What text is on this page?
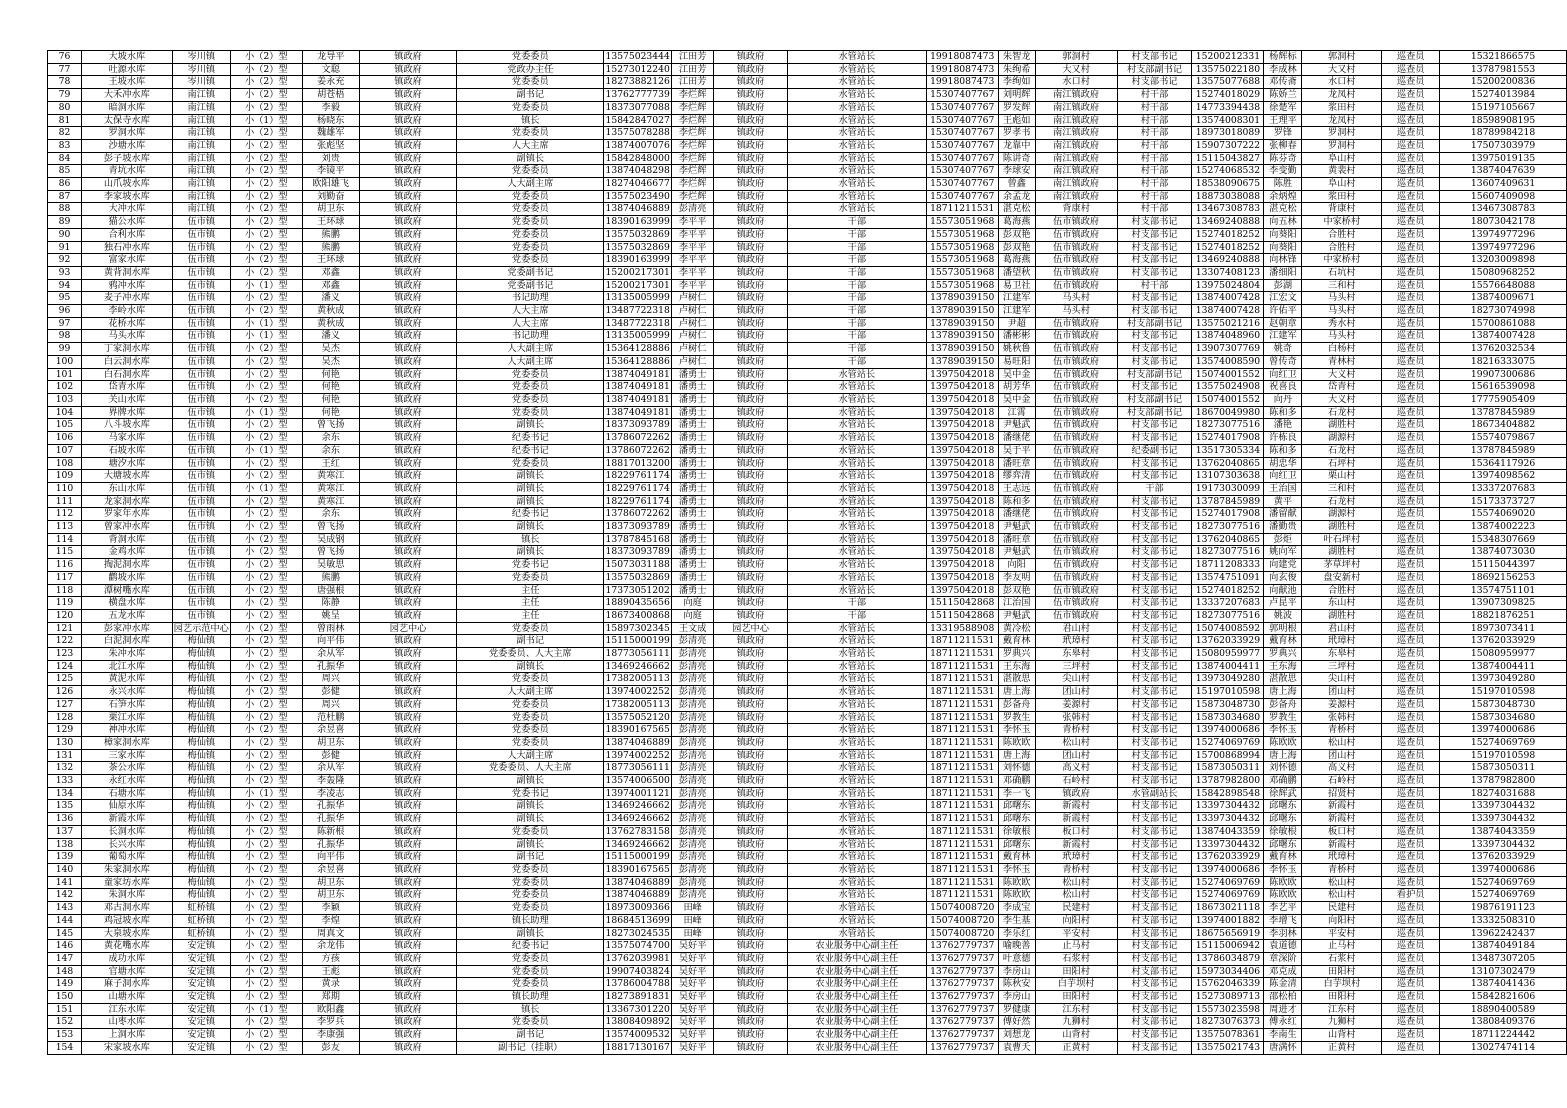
76	大坡水库	岑川镇	小（2）型	龙导平	镇政府	党委委员	13575023444	江田芳	镇政府	水管站长	19918087473	朱智龙	郭洞村	村支部书记	15200212331	杨辉标	郭洞村	巡查员	15321866575
77	吐源水库	岑川镇	小（2）型	文聪	镇政府	党政办主任	15273012240	江田芳	镇政府	水管站长	19918087473	朱绚希	大又村	村支部副书记	13575022180	李成林	大又村	巡查员	13787981553
78	王坡水库	岑川镇	小（2）型	姜永充	镇政府	党委委员	18273882126	江田芳	镇政府	水管站长	19918087473	李绚如	水口村	村支部书记	13575077688	邓传斋	水口村	巡查员	15200200836
79	大禾冲水库	南江镇	小（2）型	胡苍梧	镇政府	副书记	13762777739	李烂辉	镇政府	水管站长	15307407767	刘明辉	南江镇政府	村干部	15274018029	陈娇兰	龙凤村	巡查员	15274013984
80	暗洞水库	南江镇	小（2）型	李毅	镇政府	党委委员	18373077088	李烂辉	镇政府	水管站长	15307407767	罗发辉	南江镇政府	村干部	14773394438	徐楚军	浆田村	巡查员	15197105667
81	太保寺水库	南江镇	小（1）型	杨晓东	镇政府	镇长	15842847027	李烂辉	镇政府	水管站长	15307407767	王彪如	南江镇政府	村干部	13574008301	王理平	龙凤村	巡查员	18598908195
82	罗洞水库	南江镇	小（2）型	魏雄军	镇政府	党委委员	13575078288	李烂辉	镇政府	水管站长	15307407767	罗孝书	南江镇政府	村干部	18973018089	罗锋	罗洞村	巡查员	18789984218
83	沙塘水库	南江镇	小（2）型	张彪坚	镇政府	人大主席	13874007076	李烂辉	镇政府	水管站长	15307407767	龙靠中	南江镇政府	村干部	15907307222	张柳春	罗洞村	巡查员	17507303979
84	彭子坡水库	南江镇	小（2）型	刘贵	镇政府	副镇长	15842848000	李烂辉	镇政府	水管站长	15307407767	陈讲奇	南江镇政府	村干部	15115043827	陈芬奇	阜山村	巡查员	13975019135
85	青坑水库	南江镇	小（2）型	李镜平	镇政府	党委委员	13874048298	李烂辉	镇政府	水管站长	15307407767	李球安	南江镇政府	村干部	15274068532	李变勤	黄裴村	巡查员	13874047639
86	山爪坡水库	南江镇	小（2）型	欧阳雄飞	镇政府	人大副主席	18274046677	李烂辉	镇政府	水管站长	15307407767	曾鑫	南江镇政府	村干部	18538090675	陈胜	阜山村	巡查员	13607409631
87	李家坡水库	南江镇	小（2）型	刘勤奋	镇政府	党委委员	13575023490	李烂辉	镇政府	水管站长	15307407767	余孟龙	南江镇政府	村干部	18873038088	余炳煌	浆田村	巡查员	15607409098
88	大冲水库	南江镇	小（2）型	胡卫东	镇政府	党委委员	13874046889	彭清亮	镇政府	水管站长	18711211531	湛克松	背康村	村干部	13467308783	湛克松	背康村	巡查员	13467308783
89	猫公水库	伍市镇	小（2）型	王环球	镇政府	党委委员	18390163999	李平平	镇政府	干部	15573051968	葛海燕	伍市镇政府	村支部书记	13469240888	向五林	中家桥村	巡查员	18073042178
90	合利水库	伍市镇	小（2）型	熊鹏	镇政府	党委委员	13575032869	李平平	镇政府	干部	15573051968	彭双艳	伍市镇政府	村支部书记	15274018252	向葵阳	合胜村	巡查员	13974977296
91	独石冲水库	伍市镇	小（2）型	熊鹏	镇政府	党委委员	13575032869	李平平	镇政府	干部	15573051968	彭双艳	伍市镇政府	村支部书记	15274018252	向葵阳	合胜村	巡查员	13974977296
92	富家水库	伍市镇	小（2）型	王环球	镇政府	党委委员	18390163999	李平平	镇政府	干部	15573051968	葛海燕	伍市镇政府	村支部书记	13469240888	向林锋	中家桥村	巡查员	13203009898
93	黄背洞水库	伍市镇	小（2）型	邓鑫	镇政府	党委副书记	15200217301	李平平	镇政府	干部	15573051968	潘望秋	伍市镇政府	村支部书记	13307408123	潘细阳	石坑村	巡查员	15080968252
94	鸦冲水库	伍市镇	小（1）型	邓鑫	镇政府	党委副书记	15200217301	李平平	镇政府	干部	15573051968	易卫社	伍市镇政府	村干部	13975024804	彭湖	三和村	巡查员	15576648088
95	麦子冲水库	伍市镇	小（2）型	潘义	镇政府	书记助理	13135005999	卢树仁	镇政府	干部	13789039150	江建军	马头村	村支部书记	13874007428	江宏文	马头村	巡查员	13874009671
96	李岭水库	伍市镇	小（2）型	黄秋成	镇政府	人大主席	13487722318	卢树仁	镇政府	干部	13789039150	江建军	马头村	村支部书记	13874007428	许佑平	马头村	巡查员	18273074998
97	花桥水库	伍市镇	小（1）型	黄秋成	镇政府	人大主席	13487722318	卢树仁	镇政府	干部	13789039150	尹超	伍市镇政府	村支部副书记	13575021216	赵朝章	秀水村	巡查员	15700861088
98	马头水库	伍市镇	小（1）型	潘义	镇政府	书记助理	13135005999	卢树仁	镇政府	干部	13789039150	潘彬彬	伍市镇政府	村支部书记	13874048960	江建军	马头村	巡查员	13874007428
99	丁家洞水库	伍市镇	小（2）型	吴杰	镇政府	人大副主席	15364128886	卢树仁	镇政府	干部	13789039150	姚秋鲁	伍市镇政府	村支部书记	13907307769	姚奇	白杨村	巡查员	13762032534
100	白云洞水库	伍市镇	小（2）型	吴杰	镇政府	人大副主席	15364128886	卢树仁	镇政府	干部	13789039150	易旺阳	伍市镇政府	村支部书记	13574008590	曾传奇	青林村	巡查员	18216333075
101	白石洞水库	伍市镇	小（2）型	何艳	镇政府	党委委员	13874049181	潘勇士	镇政府	水管站长	13975042018	吴中金	伍市镇政府	村支部副书记	15074001552	向红卫	大义村	巡查员	19907300686
102	岱青水库	伍市镇	小（2）型	何艳	镇政府	党委委员	13874049181	潘勇士	镇政府	水管站长	13975042018	胡芳华	伍市镇政府	村支部书记	13575024908	祝喜良	岱青村	巡查员	15616539098
103	关山水库	伍市镇	小（2）型	何艳	镇政府	党委委员	13874049181	潘勇士	镇政府	水管站长	13975042018	吴中金	伍市镇政府	村支部副书记	15074001552	向丹	大义村	巡查员	17775905409
104	界牌水库	伍市镇	小（1）型	何艳	镇政府	党委委员	13874049181	潘勇士	镇政府	水管站长	13975042018	江霄	伍市镇政府	村支部副书记	18670049980	陈和多	石龙村	巡查员	13787845989
105	八斗坡水库	伍市镇	小（2）型	曾飞扬	镇政府	副镇长	18373093789	潘勇士	镇政府	水管站长	13975042018	尹魁武	伍市镇政府	村支部书记	18273077516	潘艳	湖胜村	巡查员	18673404882
106	马家水库	伍市镇	小（2）型	余东	镇政府	纪委书记	13786072262	潘勇士	镇政府	水管站长	13975042018	潘继佬	伍市镇政府	村支部书记	15274017908	许栋良	湖源村	巡查员	15574079867
107	石坡水库	伍市镇	小（1）型	余东	镇政府	纪委书记	13786072262	潘勇士	镇政府	水管站长	13975042018	吴于平	伍市镇政府	纪委副书记	13517305334	陈和多	石龙村	巡查员	13787845989
108	塘汐水库	伍市镇	小（2）型	王红	镇政府	党委委员	18817013200	潘勇士	镇政府	水管站长	13975042018	潘旺章	伍市镇政府	村支部书记	13762040865	胡忠华	石坪村	巡查员	15364117926
109	大塘坡水库	伍市镇	小（2）型	黄寒江	镇政府	副镇长	18229761174	潘勇士	镇政府	水管站长	13975042018	缪弈清	伍市镇政府	村支部书记	13107303638	向红卫	栗山村	巡查员	13974098562
110	东山水库	伍市镇	小（1）型	黄寒江	镇政府	副镇长	18229761174	潘勇士	镇政府	水管站长	13975042018	王志远	伍市镇政府	干部	19173030099	王治国	三和村	巡查员	13337207683
111	龙家洞水库	伍市镇	小（2）型	黄寒江	镇政府	副镇长	18229761174	潘勇士	镇政府	水管站长	13975042018	陈和多	伍市镇政府	村支部书记	13787845989	黄平	石龙村	巡查员	15173373727
112	罗家年水库	伍市镇	小（2）型	余东	镇政府	纪委书记	13786072262	潘勇士	镇政府	水管站长	13975042018	潘继佬	伍市镇政府	村支部书记	15274017908	潘留献	湖源村	巡查员	15574069020
113	曾家冲水库	伍市镇	小（2）型	曾飞扬	镇政府	副镇长	18373093789	潘勇士	镇政府	水管站长	13975042018	尹魁武	伍市镇政府	村支部书记	18273077516	潘勤贵	湖胜村	巡查员	13874002223
114	背洞水库	伍市镇	小（2）型	吴成钢	镇政府	镇长	13787845168	潘勇士	镇政府	水管站长	13975042018	潘旺章	伍市镇政府	村支部书记	13762040865	彭炬	叶石坪村	巡查员	15348307669
115	金鸡水库	伍市镇	小（2）型	曾飞扬	镇政府	副镇长	18373093789	潘勇士	镇政府	水管站长	13975042018	尹魁武	伍市镇政府	村支部书记	18273077516	姚向军	湖胜村	巡查员	13874073030
116	掏泥洞水库	伍市镇	小（2）型	吴敏思	镇政府	党委书记	15073031188	潘勇士	镇政府	水管站长	13975042018	向阳	伍市镇政府	村支部书记	18711208333	向建党	茅草坪村	巡查员	15115044397
117	鹳坡水库	伍市镇	小（2）型	熊鹏	镇政府	党委委员	13575032869	潘勇士	镇政府	水管站长	13975042018	李友明	伍市镇政府	村支部书记	13574751091	向玄俊	盘安新村	巡查员	18692156253
118	潭树嘴水库	伍市镇	小（2）型	唐强根	镇政府	主任	17373051202	潘勇士	镇政府	水管站长	13975042018	彭双艳	伍市镇政府	村支部书记	15274018252	向献池	合胜村	巡查员	13574751101
119	横盘水库	伍市镇	小（2）型	陈静	镇政府	主任	18890435656	向庭	镇政府	干部	15115042868	江治国	伍市镇政府	村支部书记	13337207683	卢昆平	东山村	巡查员	13907309825
120	五龙水库	伍市镇	小（2）型	姚呈	镇政府	主任	18673400868	向庭	镇政府	干部	15115042868	尹魁武	伍市镇政府	村支部书记	18273077516	姚波	湖胜村	巡查员	18821876251
121	彭家冲水库	园艺示范中心	小（2）型	曾雨林	园艺中心	党委委员	15897302345	王文成	园艺中心	水管站长	13319588908	黄冷松	君山村	村支部书记	15074008592	郭明根	君山村	巡查员	18973073411
122	白泥洞水库	梅仙镇	小（2）型	向平伟	镇政府	副书记	15115000199	彭清亮	镇政府	水管站长	18711211531	戴育林	玳璋村	村支部书记	13762033929	戴育林	玳璋村	巡查员	13762033929
123	朱冲水库	梅仙镇	小（2）型	余从军	镇政府	党委委员、人大主席	18773056111	彭清亮	镇政府	水管站长	18711211531	罗典兴	东皋村	村支部书记	15080959977	罗典兴	东皋村	巡查员	15080959977
124	北江水库	梅仙镇	小（2）型	孔振华	镇政府	副镇长	13469246662	彭清亮	镇政府	水管站长	18711211531	王东海	三坪村	村支部书记	13874004411	王东海	三坪村	巡查员	13874004411
125	黄泥水库	梅仙镇	小（2）型	周兴	镇政府	党委委员	17382005113	彭清亮	镇政府	水管站长	18711211531	湛散思	尖山村	村支部书记	13973049280	湛散思	尖山村	巡查员	13973049280
126	永兴水库	梅仙镇	小（2）型	彭健	镇政府	人大副主席	13974002252	彭清亮	镇政府	水管站长	18711211531	唐上海	团山村	村支部书记	15197010598	唐上海	团山村	巡查员	15197010598
127	石笋水库	梅仙镇	小（2）型	周兴	镇政府	党委委员	17382005113	彭清亮	镇政府	水管站长	18711211531	彭备舟	姜源村	村支部书记	15873048730	彭备舟	姜源村	巡查员	15873048730
128	栗江水库	梅仙镇	小（2）型	范杜鹏	镇政府	党委委员	13575052120	彭清亮	镇政府	水管站长	18711211531	罗教生	张韩村	村支部书记	15873034680	罗教生	张韩村	巡查员	15873034680
129	神冲水库	梅仙镇	小（2）型	余昱喜	镇政府	党委委员	18390167565	彭清亮	镇政府	水管站长	18711211531	李怀玉	青桥村	村支部书记	13974000686	李怀玉	青桥村	巡查员	13974000686
130	樟家洞水库	梅仙镇	小（2）型	胡卫东	镇政府	党委委员	13874046889	彭清亮	镇政府	水管站长	18711211531	陈欧欧	松山村	村支部书记	15274069769	陈欧欧	松山村	巡查员	15274069769
131	三家水库	梅仙镇	小（2）型	彭健	镇政府	人大副主席	13974002252	彭清亮	镇政府	水管站长	18711211531	唐上海	团山村	村支部书记	15700868994	唐上海	团山村	巡查员	15197010598
132	茶公水库	梅仙镇	小（2）型	余从军	镇政府	党委委员、人大主席	18773056111	彭清亮	镇政府	水管站长	18711211531	刘怀德	高义村	村支部书记	15873050311	刘怀德	高义村	巡查员	15873050311
133	永红水库	梅仙镇	小（2）型	李轰隆	镇政府	副镇长	13574006500	彭清亮	镇政府	水管站长	18711211531	邓确鹏	石岭村	村支部书记	13787982800	邓确鹏	石岭村	巡查员	13787982800
134	石塘水库	梅仙镇	小（1）型	李凌志	镇政府	党委书记	13974001121	彭清亮	镇政府	水管站长	18711211531	李一飞	镇政府	水管副站长	15842898548	徐辉武	招贤村	巡查员	18274031688
135	仙原水库	梅仙镇	小（2）型	孔振华	镇政府	副镇长	13469246662	彭清亮	镇政府	水管站长	18711211531	邱曙东	新霞村	村支部书记	13397304432	邱曙东	新霞村	巡查员	13397304432
136	新霞水库	梅仙镇	小（2）型	孔振华	镇政府	副镇长	13469246662	彭清亮	镇政府	水管站长	18711211531	邱曙东	新霞村	村支部书记	13397304432	邱曙东	新霞村	巡查员	13397304432
137	长洞水库	梅仙镇	小（2）型	陈新根	镇政府	党委委员	13762783158	彭清亮	镇政府	水管站长	18711211531	徐敏根	板口村	村支部书记	13874043359	徐敏根	板口村	巡查员	13874043359
138	长兴水库	梅仙镇	小（2）型	孔振华	镇政府	副镇长	13469246662	彭清亮	镇政府	水管站长	18711211531	邱曙东	新霞村	村支部书记	13397304432	邱曙东	新霞村	巡查员	13397304432
139	葡萄水库	梅仙镇	小（2）型	向平伟	镇政府	副书记	15115000199	彭清亮	镇政府	水管站长	18711211531	戴育林	玳璋村	村支部书记	13762033929	戴育林	玳璋村	巡查员	13762033929
140	朱家洞水库	梅仙镇	小（2）型	余昱喜	镇政府	党委委员	18390167565	彭清亮	镇政府	水管站长	18711211531	李怀玉	青桥村	村支部书记	13974000686	李怀玉	青桥村	巡查员	13974000686
141	童家坊水库	梅仙镇	小（2）型	胡卫东	镇政府	党委委员	13874046889	彭清亮	镇政府	水管站长	18711211531	陈欧欧	松山村	村支部书记	15274069769	陈欧欧	松山村	巡查员	15274069769
142	朱洞水库	梅仙镇	小（2）型	胡卫东	镇政府	党委委员	13874046889	彭清亮	镇政府	水管站长	18711211531	陈欧欧	松山村	村支部书记	15274069769	陈欧欧	松山村	看护员	15274069769
143	邓古洞水库	虹桥镇	小（2）型	李颖	镇政府	党委委员	18973009366	田峰	镇政府	水管站长	15074008720	李成宝	民建村	村支部书记	18673021118	李艺平	民建村	巡查员	19876191123
144	鸡冠坡水库	虹桥镇	小（2）型	李煌	镇政府	镇长助理	18684513699	田峰	镇政府	水管站长	15074008720	李生基	向阳村	村支部书记	13974001882	李增飞	向阳村	巡查员	13332508310
145	大泉坡水库	虹桥镇	小（2）型	周真文	镇政府	副镇长	18273024535	田峰	镇政府	水管站长	15074008720	李乐红	平安村	村支部书记	18675656919	李羽林	平安村	巡查员	13962242437
146	黄花嘴水库	安定镇	小（2）型	余龙伟	镇政府	纪委书记	13575074700	吴好平	镇政府	农业服务中心副主任	13762779737	喻晚善	止马村	村支部书记	15115006942	袁道德	止马村	巡查员	13874049184
147	成功水库	安定镇	小（2）型	方孩	镇政府	党委委员	13762039981	吴好平	镇政府	农业服务中心副主任	13762779737	叶意德	石浆村	村支部书记	13786034879	章深阶	石浆村	巡查员	13487307205
148	官塘水库	安定镇	小（2）型	王彪	镇政府	党委委员	19907403824	吴好平	镇政府	农业服务中心副主任	13762779737	李房山	田阳村	村支部书记	15973034406	邓克成	田阳村	巡查员	13107302479
149	麻子洞水库	安定镇	小（2）型	黄录	镇政府	党委委员	13786004788	吴好平	镇政府	农业服务中心副主任	13762779737	陈秋安	白芋坝村	村支部书记	15762046339	陈金清	白芋坝村	巡查员	13874041436
150	山塘水库	安定镇	小（2）型	郑期	镇政府	镇长助理	18273891831	吴好平	镇政府	农业服务中心副主任	13762779737	李房山	田阳村	村支部书记	15273089713	邵松柏	田阳村	巡查员	15842821606
151	江东水库	安定镇	小（1）型	欧阳鑫	镇政府	镇长	13367301220	吴好平	镇政府	农业服务中心副主任	13762779737	罗健康	江东村	村支部书记	15573023598	周进才	江东村	巡查员	18890400589
152	山枣水库	安定镇	小（2）型	李罗兵	镇政府	党委委员	13808409892	吴好平	镇政府	农业服务中心副主任	13762779737	傅好然	九狮村	村支部书记	18273076373	傅永红	九狮村	巡查员	13808409376
153	上洞水库	安定镇	小（2）型	李康强	镇政府	副书记	13574009532	吴好平	镇政府	农业服务中心副主任	13762779737	刘想龙	山背村	村支部书记	13575078361	李南生	山背村	巡查员	18711224442
154	宋家坡水库	安定镇	小（2）型	彭友	镇政府	副书记（挂职）	18817130167	吴好平	镇政府	农业服务中心副主任	13762779737	袁曹夭	正黄村	村支部书记	13575021743	唐满怀	正黄村	巡查员	13027474114
